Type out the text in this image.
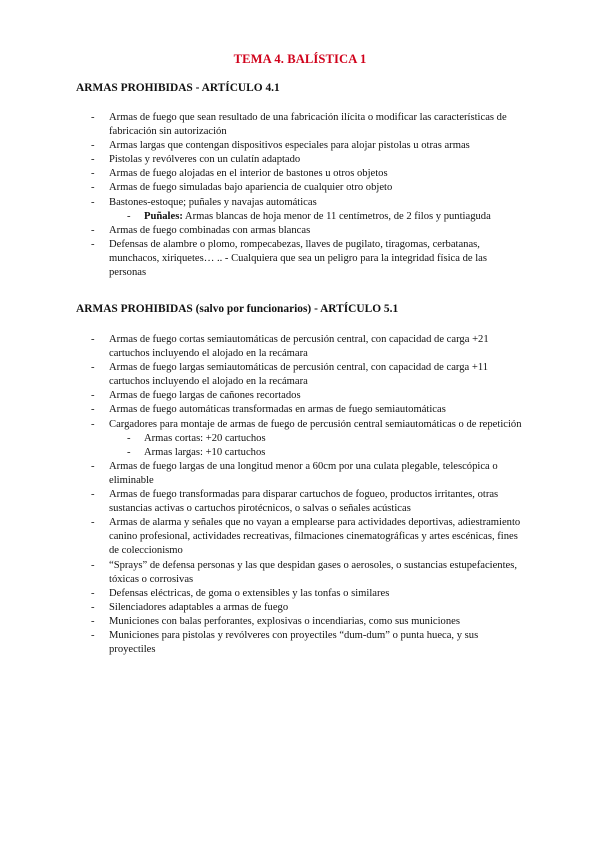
TEMA 4. BALÍSTICA 1
ARMAS PROHIBIDAS - ARTÍCULO 4.1
- Armas de fuego que sean resultado de una fabricación ilícita o modificar las características de fabricación sin autorización
- Armas largas que contengan dispositivos especiales para alojar pistolas u otras armas
- Pistolas y revólveres con un culatín adaptado
- Armas de fuego alojadas en el interior de bastones u otros objetos
- Armas de fuego simuladas bajo apariencia de cualquier otro objeto
- Bastones-estoque; puñales y navajas automáticas
- Puñales: Armas blancas de hoja menor de 11 centímetros, de 2 filos y puntiaguda
- Armas de fuego combinadas con armas blancas
- Defensas de alambre o plomo, rompecabezas, llaves de pugilato, tiragomas, cerbatanas, munchacos, xiriquetes… .. - Cualquiera que sea un peligro para la integridad física de las personas
ARMAS PROHIBIDAS (salvo por funcionarios) - ARTÍCULO 5.1
- Armas de fuego cortas semiautomáticas de percusión central, con capacidad de carga +21 cartuchos incluyendo el alojado en la recámara
- Armas de fuego largas semiautomáticas de percusión central, con capacidad de carga +11 cartuchos incluyendo el alojado en la recámara
- Armas de fuego largas de cañones recortados
- Armas de fuego automáticas transformadas en armas de fuego semiautomáticas
- Cargadores para montaje de armas de fuego de percusión central semiautomáticas o de repetición
- Armas cortas: +20 cartuchos
- Armas largas: +10 cartuchos
- Armas de fuego largas de una longitud menor a 60cm por una culata plegable, telescópica o eliminable
- Armas de fuego transformadas para disparar cartuchos de fogueo, productos irritantes, otras sustancias activas o cartuchos pirotécnicos, o salvas o señales acústicas
- Armas de alarma y señales que no vayan a emplearse para actividades deportivas, adiestramiento canino profesional, actividades recreativas, filmaciones cinematográficas y artes escénicas, fines de coleccionismo
- “Sprays” de defensa personas y las que despidan gases o aerosoles, o sustancias estupefacientes, tóxicas o corrosivas
- Defensas eléctricas, de goma o extensibles y las tonfas o similares
- Silenciadores adaptables a armas de fuego
- Municiones con balas perforantes, explosivas o incendiarias, como sus municiones
- Municiones para pistolas y revólveres con proyectiles “dum-dum” o punta hueca, y sus proyectiles
